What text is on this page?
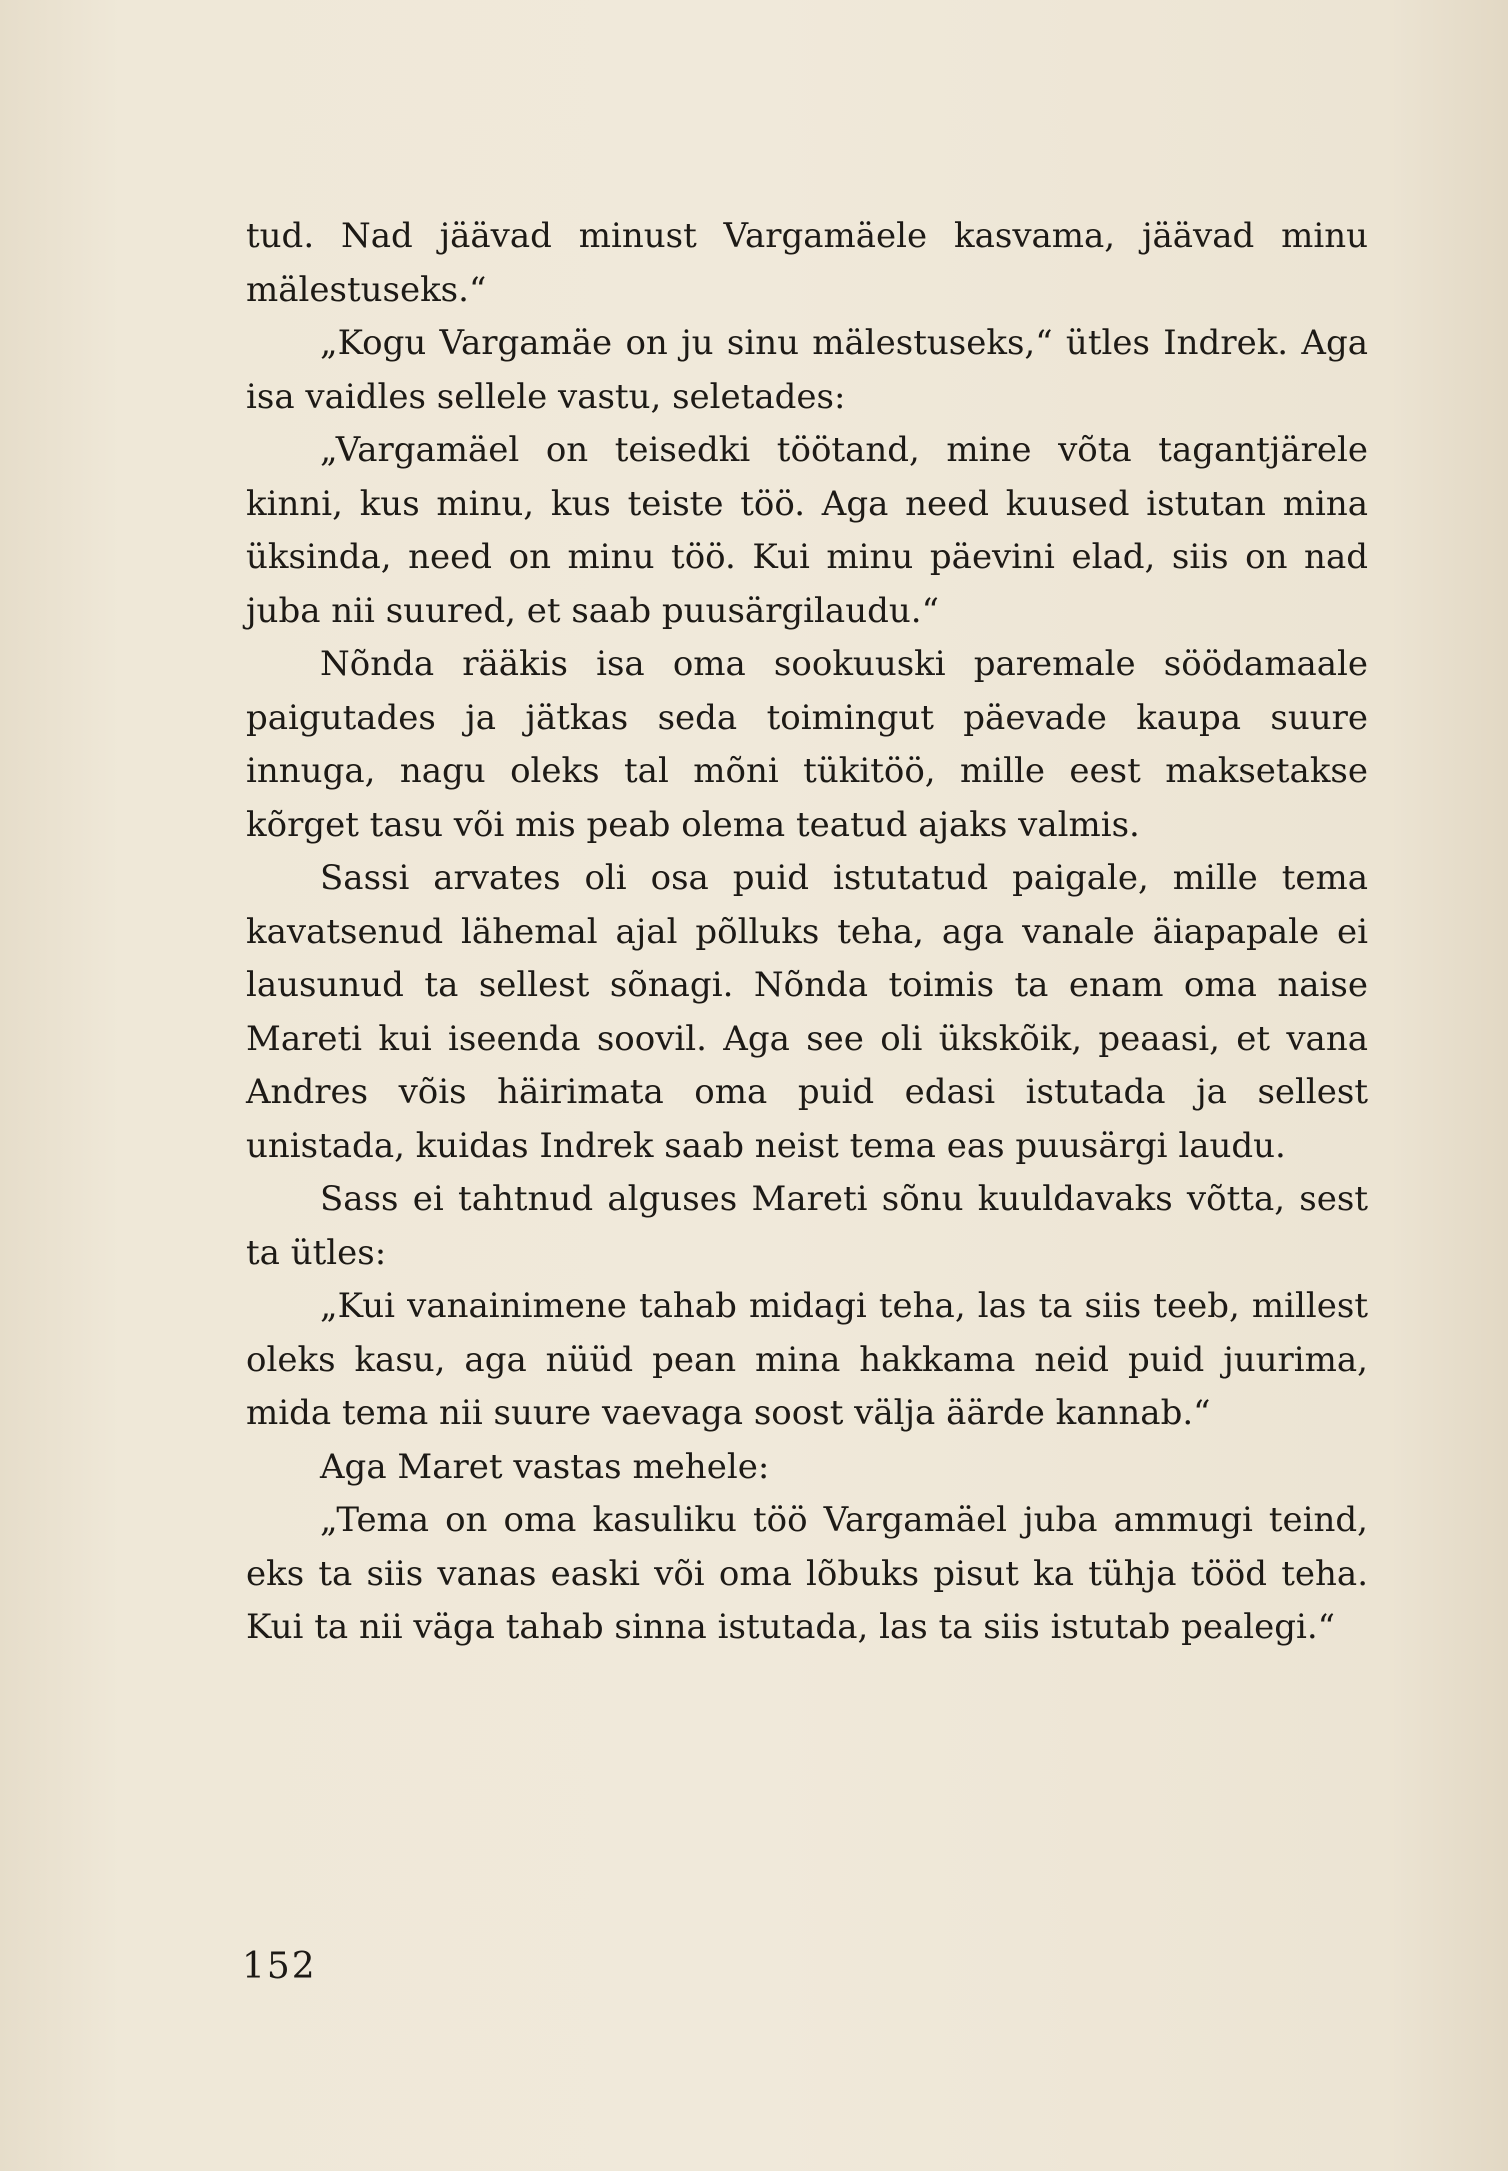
tud. Nad jäävad minust Vargamäele kasvama, jäävad minu mälestuseks.“

„Kogu Vargamäe on ju sinu mälestuseks,“ ütles Indrek. Aga isa vaidles sellele vastu, seletades:

„Vargamäel on teisedki töötand, mine võta tagantjärele kinni, kus minu, kus teiste töö. Aga need kuused istutan mina üksinda, need on minu töö. Kui minu päevini elad, siis on nad juba nii suured, et saab puusärgilaudu.“

Nõnda rääkis isa oma sookuuski paremale söödamaale paigutades ja jätkas seda toimingut päevade kaupa suure innuga, nagu oleks tal mõni tükitöö, mille eest maksetakse kõrget tasu või mis peab olema teatud ajaks valmis.

Sassi arvates oli osa puid istutatud paigale, mille tema kavatsenud lähemal ajal põlluks teha, aga vanale äiapapale ei lausunud ta sellest sõnagi. Nõnda toimis ta enam oma naise Mareti kui iseenda soovil. Aga see oli ükskõik, peaasi, et vana Andres võis häirimata oma puid edasi istutada ja sellest unistada, kuidas Indrek saab neist tema eas puusärgi laudu.

Sass ei tahtnud alguses Mareti sõnu kuuldavaks võtta, sest ta ütles:

„Kui vanainimene tahab midagi teha, las ta siis teeb, millest oleks kasu, aga nüüd pean mina hakkama neid puid juurima, mida tema nii suure vaevaga soost välja äärde kannab.“

Aga Maret vastas mehele:

„Tema on oma kasuliku töö Vargamäel juba ammugi teind, eks ta siis vanas easki või oma lõbuks pisut ka tühja tööd teha. Kui ta nii väga tahab sinna istutada, las ta siis istutab pealegi.“

152
